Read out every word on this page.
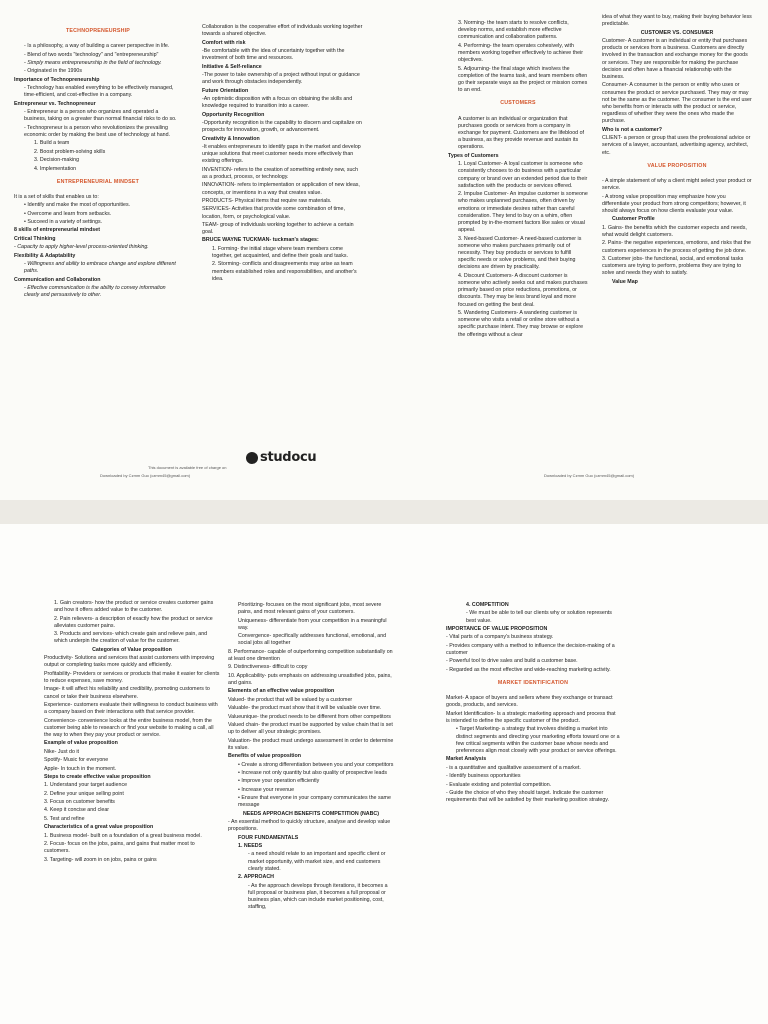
TECHNOPRENEURSHIP

- Is a philosophy, a way of building a career perspective in life.

- Blend of two words "technology" and "entrepreneurship"

- Simply means entrepreneurship in the field of technology.

- Originated in the 1990s

Importance of Technopreneurship

- Technology has enabled everything to be effectively managed, time-efficient, and cost-effective in a company.

Entrepreneur vs. Technopreneur

- Entrepreneur is a person who organizes and operated a business, taking on a greater than normal financial risks to do so.

- Technopreneur is a person who revolutionizes the prevailing economic order by making the best use of technology at hand.

1. Build a team

2. Boost problem-solving skills

3. Decision-making

4. Implementation

ENTREPRENEURIAL MINDSET

It is a set of skills that enables us to:

• Identify and make the most of opportunities.

• Overcome and learn from setbacks.

• Succeed in a variety of settings.

8 skills of entrepreneurial mindset

Critical Thinking

- Capacity to apply higher-level process-oriented thinking.

Flexibility & Adaptability

- Willingness and ability to embrace change and explore different paths.

Communication and Collaboration

- Effective communication is the ability to convey information clearly and persuasively to other.

Collaboration is the cooperative effort of individuals working together towards a shared objective.

Comfort with risk

-Be comfortable with the idea of uncertainty together with the investment of both time and resources.

Initiative & Self-reliance

-The power to take ownership of a project without input or guidance and work through obstacles independently.

Future Orientation

-An optimistic disposition with a focus on obtaining the skills and knowledge required to transition into a career.

Opportunity Recognition

-Opportunity recognition is the capability to discern and capitalize on prospects for innovation, growth, or advancement.

Creativity & Innovation

-It enables entrepreneurs to identify gaps in the market and develop unique solutions that meet customer needs more effectively than existing offerings.

INVENTION- refers to the creation of something entirely new, such as a product, process, or technology.

INNOVATION- refers to implementation or application of new ideas, concepts, or inventions in a way that creates value.

PRODUCTS- Physical items that require raw materials.

SERVICES- Activities that provide some combination of time, location, form, or psychological value.

TEAM- group of individuals working together to achieve a certain goal.

BRUCE WAYNE TUCKMAN- tuckman's stages:

1. Forming- the initial stage where team members come together, get acquainted, and define their goals and tasks.

2. Storming- conflicts and disagreements may arise as team members established roles and responsibilities, and another's idea.

3. Norming- the team starts to resolve conflicts, develop norms, and establish more effective communication and collaboration patterns.

4. Performing- the team operates cohesively, with members working together effectively to achieve their objectives.

5. Adjourning- the final stage which involves the completion of the teams task, and team members often go their separate ways as the project or mission comes to an end.

CUSTOMERS

A customer is an individual or organization that purchases goods or services from a company in exchange for payment. Customers are the lifeblood of a business, as they provide revenue and sustain its operations.

Types of Customers

1. Loyal Customer- A loyal customer is someone who consistently chooses to do business with a particular company or brand over an extended period due to their satisfaction with the products or services offered.

2. Impulse Customer- An impulse customer is someone who makes unplanned purchases, often driven by emotions or immediate desires rather than careful consideration. They tend to buy on a whim, often prompted by in-the-moment factors like sales or visual appeal.

3. Need-based Customer- A need-based customer is someone who makes purchases primarily out of necessity. They buy products or services to fulfill specific needs or solve problems, and their buying decisions are driven by practicality.

4. Discount Customers- A discount customer is someone who actively seeks out and makes purchases primarily based on price reductions, promotions, or discounts. They may be less brand loyal and more focused on getting the best deal.

5. Wandering Customers- A wandering customer is someone who visits a retail or online store without a specific purchase intent. They may browse or explore the offerings without a clear

idea of what they want to buy, making their buying behavior less predictable.

CUSTOMER VS. CONSUMER

Customer- A customer is an individual or entity that purchases products or services from a business. Customers are directly involved in the transaction and exchange money for the goods or services. They are responsible for making the purchase decision and often have a financial relationship with the business.

Consumer- A consumer is the person or entity who uses or consumes the product or service purchased. They may or may not be the same as the customer. The consumer is the end user who benefits from or interacts with the product or service, regardless of whether they were the ones who made the purchase.

Who is not a customer?

CLIENT- a person or group that uses the professional advice or services of a lawyer, accountant, advertising agency, architect, etc.

VALUE PROPOSITION

- A simple statement of why a client might select your product or service.

- A strong value proposition may emphasize how you differentiate your product from strong competitors; however, it should always focus on how clients evaluate your value.

Customer Profile

1. Gains- the benefits which the customer expects and needs, what would delight customers.

2. Pains- the negative experiences, emotions, and risks that the customers experiences in the process of getting the job done.

3. Customer jobs- the functional, social, and emotional tasks customers are trying to perform, problems they are trying to solve and needs they wish to satisfy.

Value Map

This document is available free of charge on
studocu
Downloaded by Czmm Guo (czmm45@gmail.com)	Downloaded by Czmm Guo (czmm45@gmail.com)

1. Gain creators- how the product or service creates customer gains and how it offers added value to the customer.

2. Pain relievers- a description of exactly how the product or service alleviates customer pains.

3. Products and services- which create gain and relieve pain, and which underpin the creation of value for the customer.

Categories of Value proposition

Productivity- Solutions and services that assist customers with improving output or completing tasks more quickly and efficiently.

Profitability- Providers or services or products that make it easier for clients to reduce expenses, save money.

Image- it will affect his reliability and credibility, promoting customers to cancel or take their business elsewhere.

Experience- customers evaluate their willingness to conduct business with a company based on their interactions with that service provider.

Convenience- convenience looks at the entire business model, from the customer being able to research or find your website to making a call, all the way to when they pay your product or service.

Example of value proposition

Nike- Just do it

Spotify- Music for everyone

Apple- In touch in the moment.

Steps to create effective value proposition

1. Understand your target audience

2. Define your unique selling point

3. Focus on customer benefits

4. Keep it concise and clear

5. Test and refine

Characteristics of a great value proposition

1. Business model- built on a foundation of a great business model.

2. Focus- focus on the jobs, pains, and gains that matter most to customers.

3. Targeting- will zoom in on jobs, pains or gains

Prioritizing- focuses on the most significant jobs, most severe pains, and most relevant gains of your customers.

Uniqueness- differentiate from your competition in a meaningful way.

Convergence- specifically addresses functional, emotional, and social jobs all together

8. Performance- capable of outperforming competition substantially on at least one dimention

9. Distinctiveness- difficult to copy

10. Applicability- puts emphasis on addressing unsatisfied jobs, pains, and gains.

Elements of an effective value proposition

Valued- the product that will be valued by a customer

Valuable- the product must show that it will be valuable over time.

Valueunique- the product needs to be different from other competitors

Valued chain- the product must be supported by value chain that is set up to deliver all your strategic promises.

Valuation- the product must undergo assessment in order to determine its value.

Benefits of value proposition

• Create a strong differentiation between you and your competitors

• Increase not only quantity but also quality of prospective leads

• Improve your operation efficiently

• Increase your revenue

• Ensure that everyone in your company communicates the same message

NEEDS APPROACH BENEFITS COMPETITION (NABC)

- An essential method to quickly structure, analyse and develop value propositions.

FOUR FUNDAMENTALS

1. NEEDS

- a need should relate to an important and specific client or market opportunity, with market size, and end customers clearly stated.

2. APPROACH

- As the approach develops through iterations, it becomes a full proposal or business plan, it becomes a full proposal or business plan, which can include market positioning, cost, staffing,

4. COMPETITION

- We must be able to tell our clients why or solution represents best value.

IMPORTANCE OF VALUE PROPOSITION

- Vital parts of a company's business strategy.

- Provides company with a method to influence the decision-making of a customer

- Powerful tool to drive sales and build a customer base.

- Regarded as the most effective and wide-reaching marketing activity.

MARKET IDENTIFICATION

Market- A space of buyers and sellers where they exchange or transact goods, products, and services.

Market Identification- Is a strategic marketing approach and process that is intended to define the specific customer of the product.

• Target Marketing- a strategy that involves dividing a market into distinct segments and directing your marketing efforts toward one or a few critical segments within the customer base whose needs and preferences align most closely with your product or service offerings.

Market Analysis

- is a quantitative and qualitative assessment of a market.

- Identify business opportunities

- Evaluate existing and potential competition.

- Guide the choice of who they should target. Indicate the customer requirements that will be satisfied by their marketing position strategy.
